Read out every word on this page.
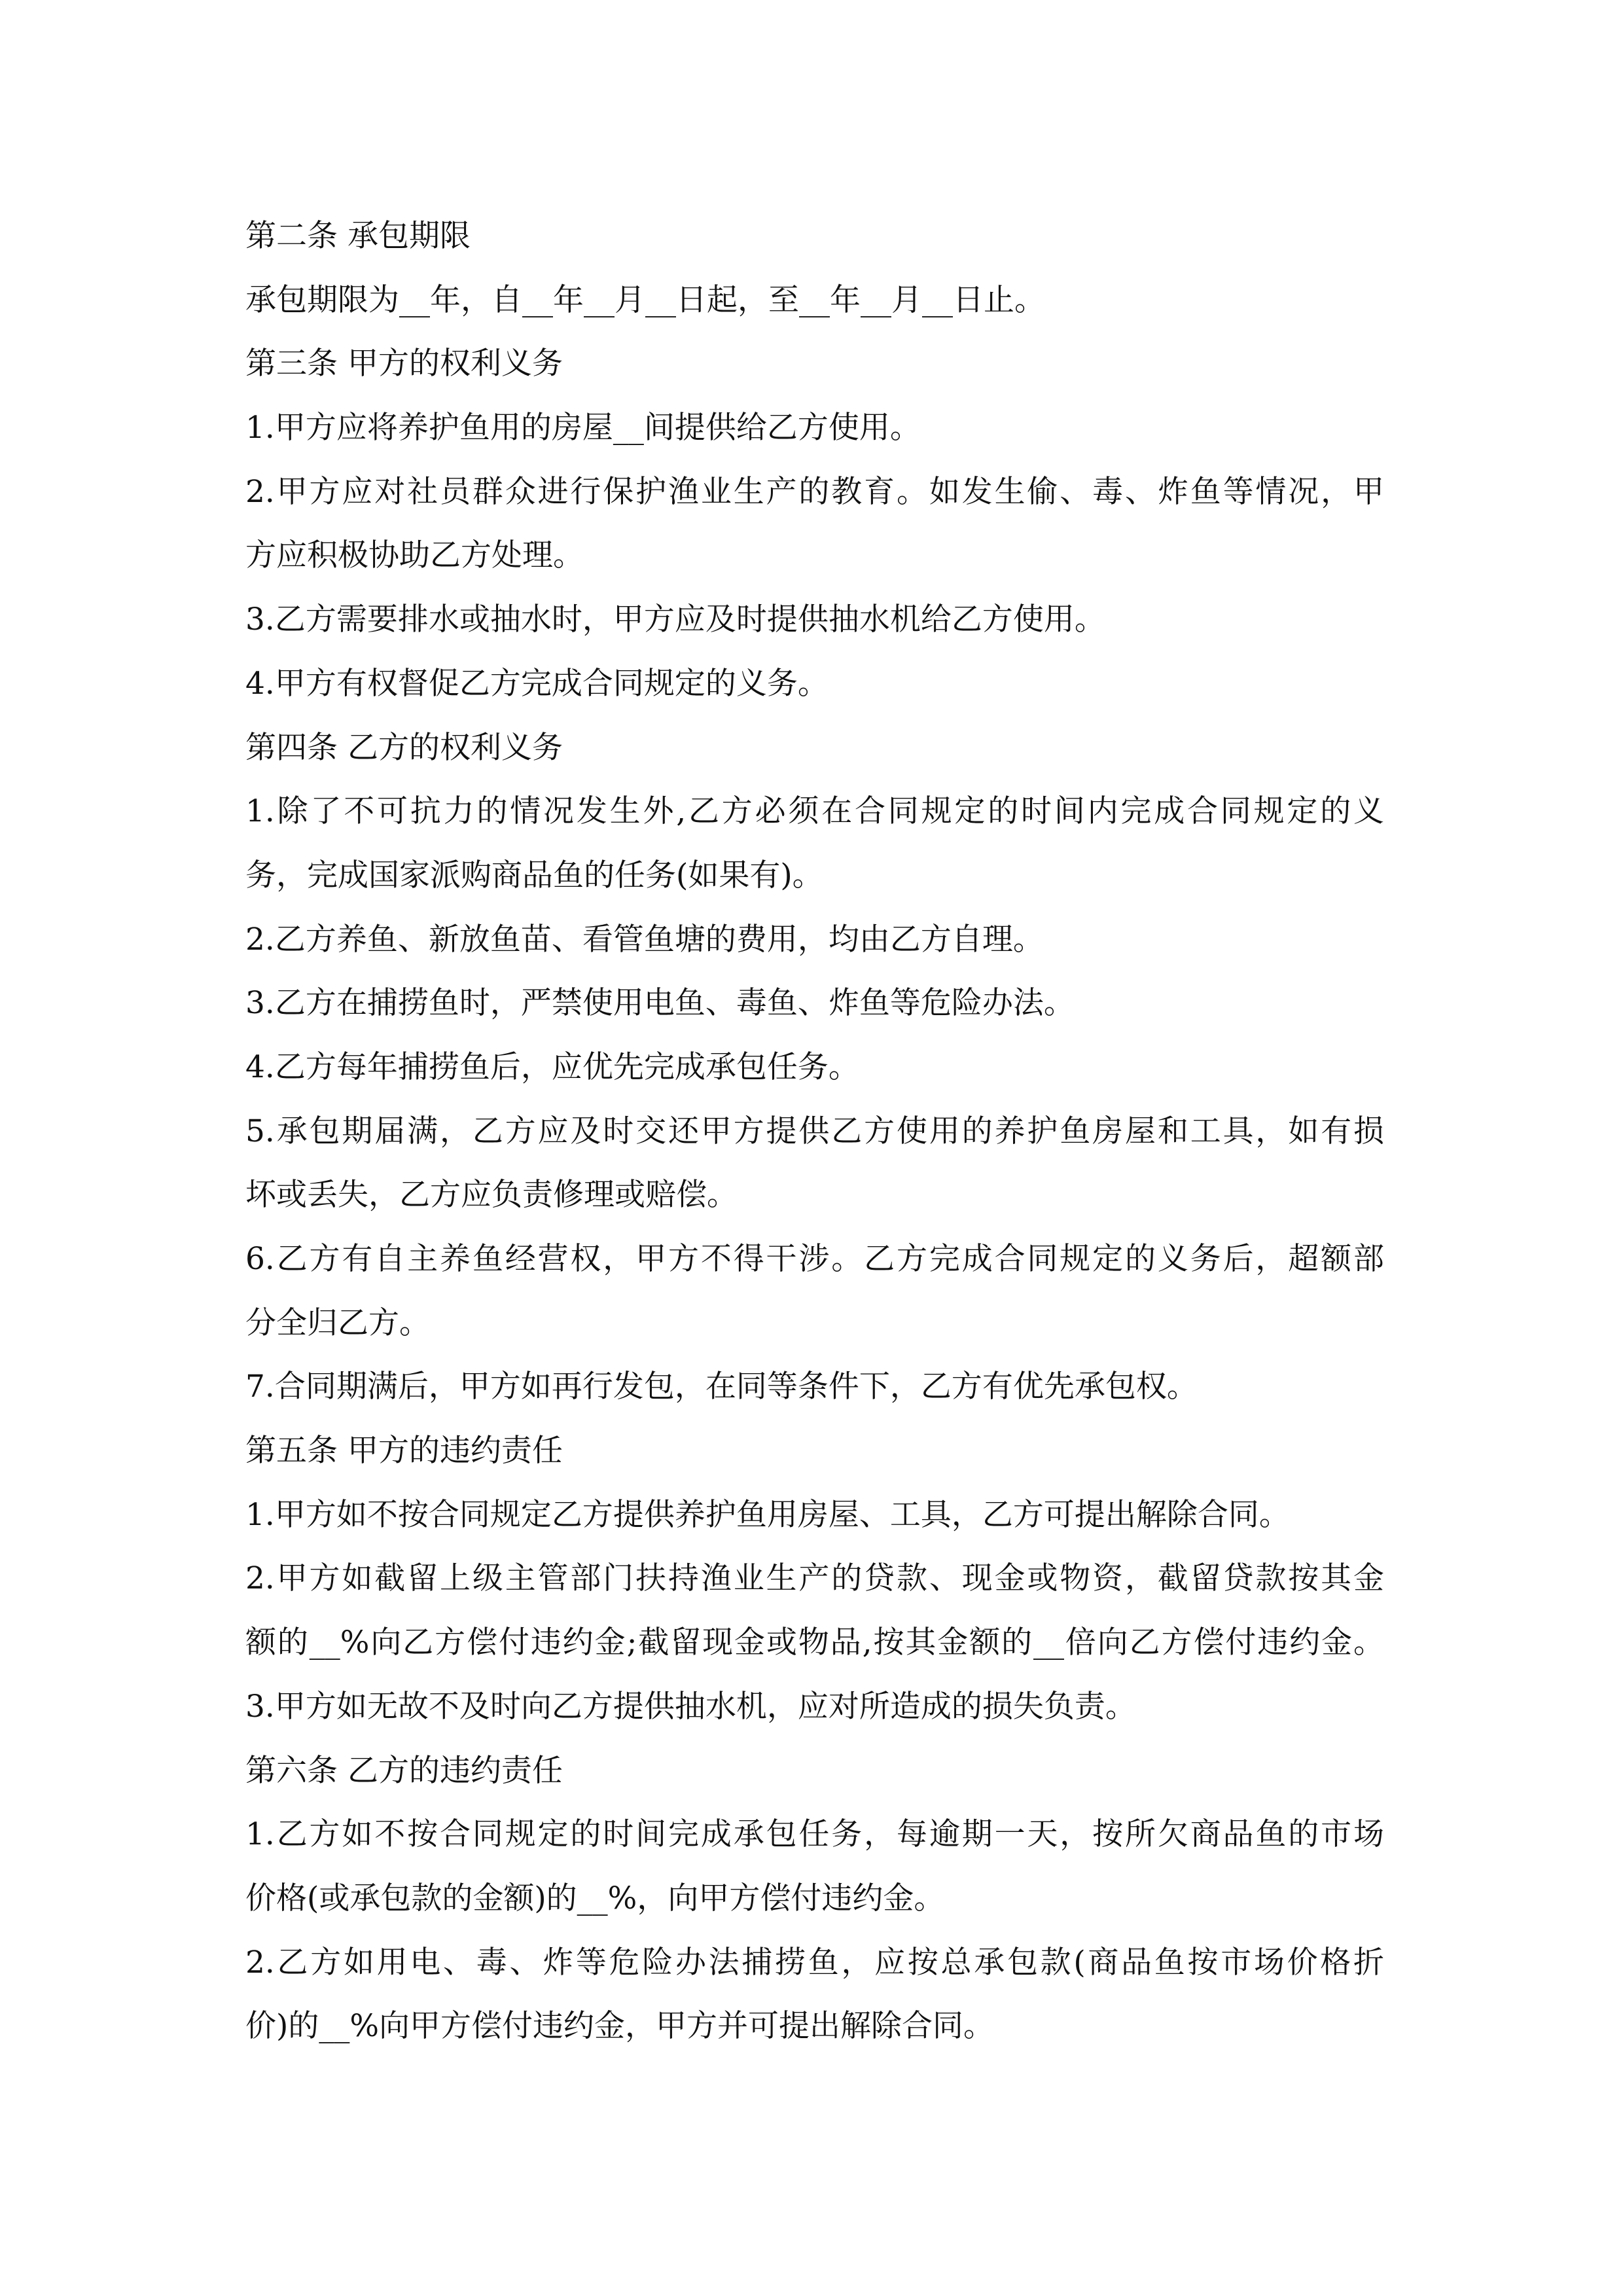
第二条 承包期限
承包期限为__年，自__年__月__日起，至__年__月__日止。
第三条 甲方的权利义务
1.甲方应将养护鱼用的房屋__间提供给乙方使用。
2.甲方应对社员群众进行保护渔业生产的教育。如发生偷、毒、炸鱼等情况，甲
方应积极协助乙方处理。
3.乙方需要排水或抽水时，甲方应及时提供抽水机给乙方使用。
4.甲方有权督促乙方完成合同规定的义务。
第四条 乙方的权利义务
1.除了不可抗力的情况发生外,乙方必须在合同规定的时间内完成合同规定的义
务，完成国家派购商品鱼的任务(如果有)。
2.乙方养鱼、新放鱼苗、看管鱼塘的费用，均由乙方自理。
3.乙方在捕捞鱼时，严禁使用电鱼、毒鱼、炸鱼等危险办法。
4.乙方每年捕捞鱼后，应优先完成承包任务。
5.承包期届满，乙方应及时交还甲方提供乙方使用的养护鱼房屋和工具，如有损
坏或丢失，乙方应负责修理或赔偿。
6.乙方有自主养鱼经营权，甲方不得干涉。乙方完成合同规定的义务后，超额部
分全归乙方。
7.合同期满后，甲方如再行发包，在同等条件下，乙方有优先承包权。
第五条 甲方的违约责任
1.甲方如不按合同规定乙方提供养护鱼用房屋、工具，乙方可提出解除合同。
2.甲方如截留上级主管部门扶持渔业生产的贷款、现金或物资，截留贷款按其金
额的__%向乙方偿付违约金;截留现金或物品,按其金额的__倍向乙方偿付违约金。
3.甲方如无故不及时向乙方提供抽水机，应对所造成的损失负责。
第六条 乙方的违约责任
1.乙方如不按合同规定的时间完成承包任务，每逾期一天，按所欠商品鱼的市场
价格(或承包款的金额)的__%，向甲方偿付违约金。
2.乙方如用电、毒、炸等危险办法捕捞鱼，应按总承包款(商品鱼按市场价格折
价)的__%向甲方偿付违约金，甲方并可提出解除合同。
